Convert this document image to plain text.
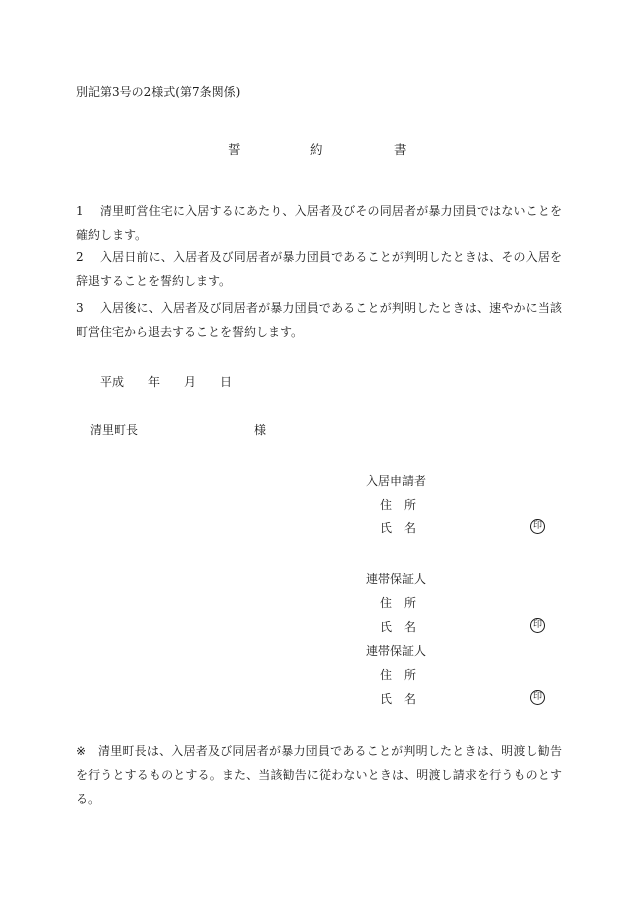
別記第3号の2様式(第7条関係)
誓	約	書
1	清里町営住宅に入居するにあたり、入居者及びその同居者が暴力団員ではないことを確約します。
2	入居日前に、入居者及び同居者が暴力団員であることが判明したときは、その入居を辞退することを誓約します。
3	入居後に、入居者及び同居者が暴力団員であることが判明したときは、速やかに当該町営住宅から退去することを誓約します。
平成 年 月 日
清里町長	様
入居申請者
住　所
氏　名	印
連帯保証人
住　所
氏　名	印
連帯保証人
住　所
氏　名	印
※ 清里町長は、入居者及び同居者が暴力団員であることが判明したときは、明渡し勧告を行うとするものとする。また、当該勧告に従わないときは、明渡し請求を行うものとする。
